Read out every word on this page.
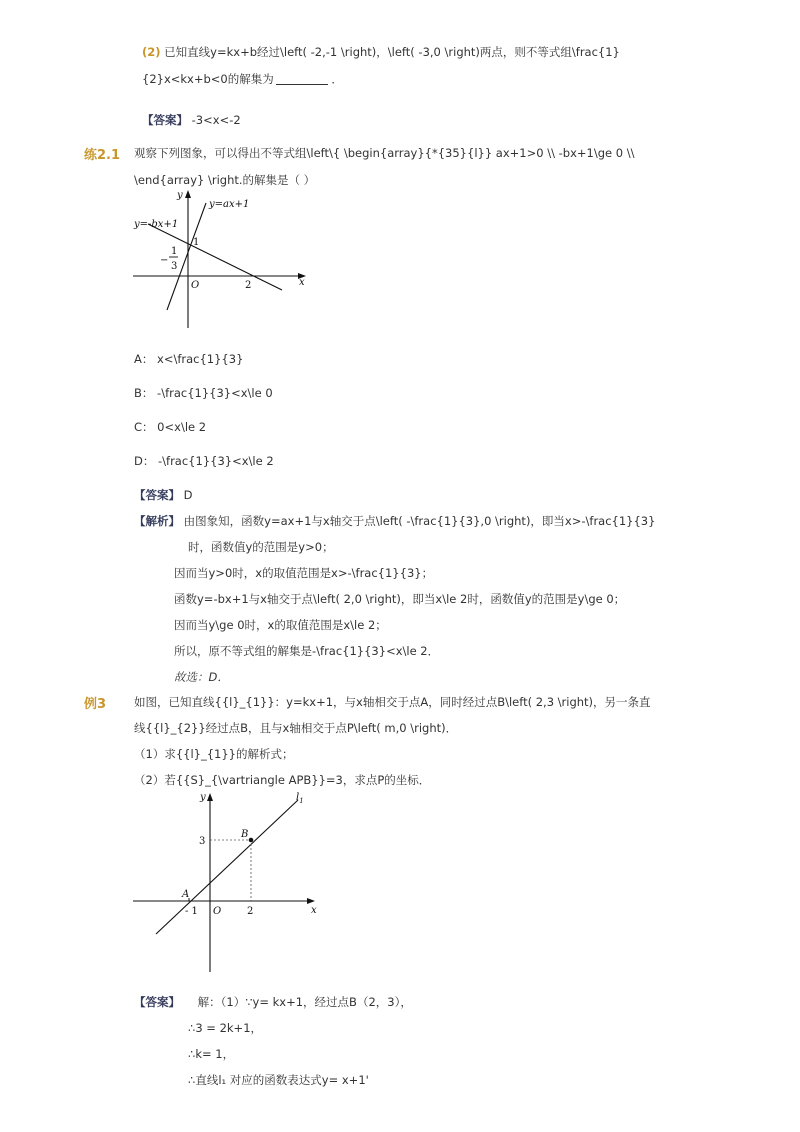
(2) 已知直线y=kx+b经过\left( -2,-1 \right)，\left( -3,0 \right)两点，则不等式组\frac{1}
{2}x<kx+b<0的解集为	．
【答案】 -3<x<-2
练2.1 观察下列图象，可以得出不等式组\left\{ \begin{array}{*{35}{l}} ax+1>0 \\ -bx+1\ge 0 \\
\end{array} \right.的解集是（ ）
y=ax+1
y=-bx+1
y
x
O
1
2
−
1
3
A： x<\frac{1}{3}
B： -\frac{1}{3}<x\le 0
C： 0<x\le 2
D： -\frac{1}{3}<x\le 2
【答案】 D
【解析】 由图象知，函数y=ax+1与x轴交于点\left( -\frac{1}{3},0 \right)，即当x>-\frac{1}{3}
时，函数值y的范围是y>0；
因而当y>0时，x的取值范围是x>-\frac{1}{3}；
函数y=-bx+1与x轴交于点\left( 2,0 \right)，即当x\le 2时，函数值y的范围是y\ge 0；
因而当y\ge 0时，x的取值范围是x\le 2；
所以，原不等式组的解集是-\frac{1}{3}<x\le 2．
故选：D．
例3 如图，已知直线{{l}_{1}}：y=kx+1，与x轴相交于点A，同时经过点B\left( 2,3 \right)，另一条直
线{{l}_{2}}经过点B，且与x轴相交于点P\left( m,0 \right)．
（1）求{{l}_{1}}的解析式；
（2）若{{S}_{\vartriangle APB}}=3，求点P的坐标．
y
x
O
$l_1$
A
B
3
- 1	2
【答案】 解：（1）∵y= kx+1，经过点B（2，3），
∴3 = 2k+1，
∴k= 1，
∴直线l₁ 对应的函数表达式y= x+1'
